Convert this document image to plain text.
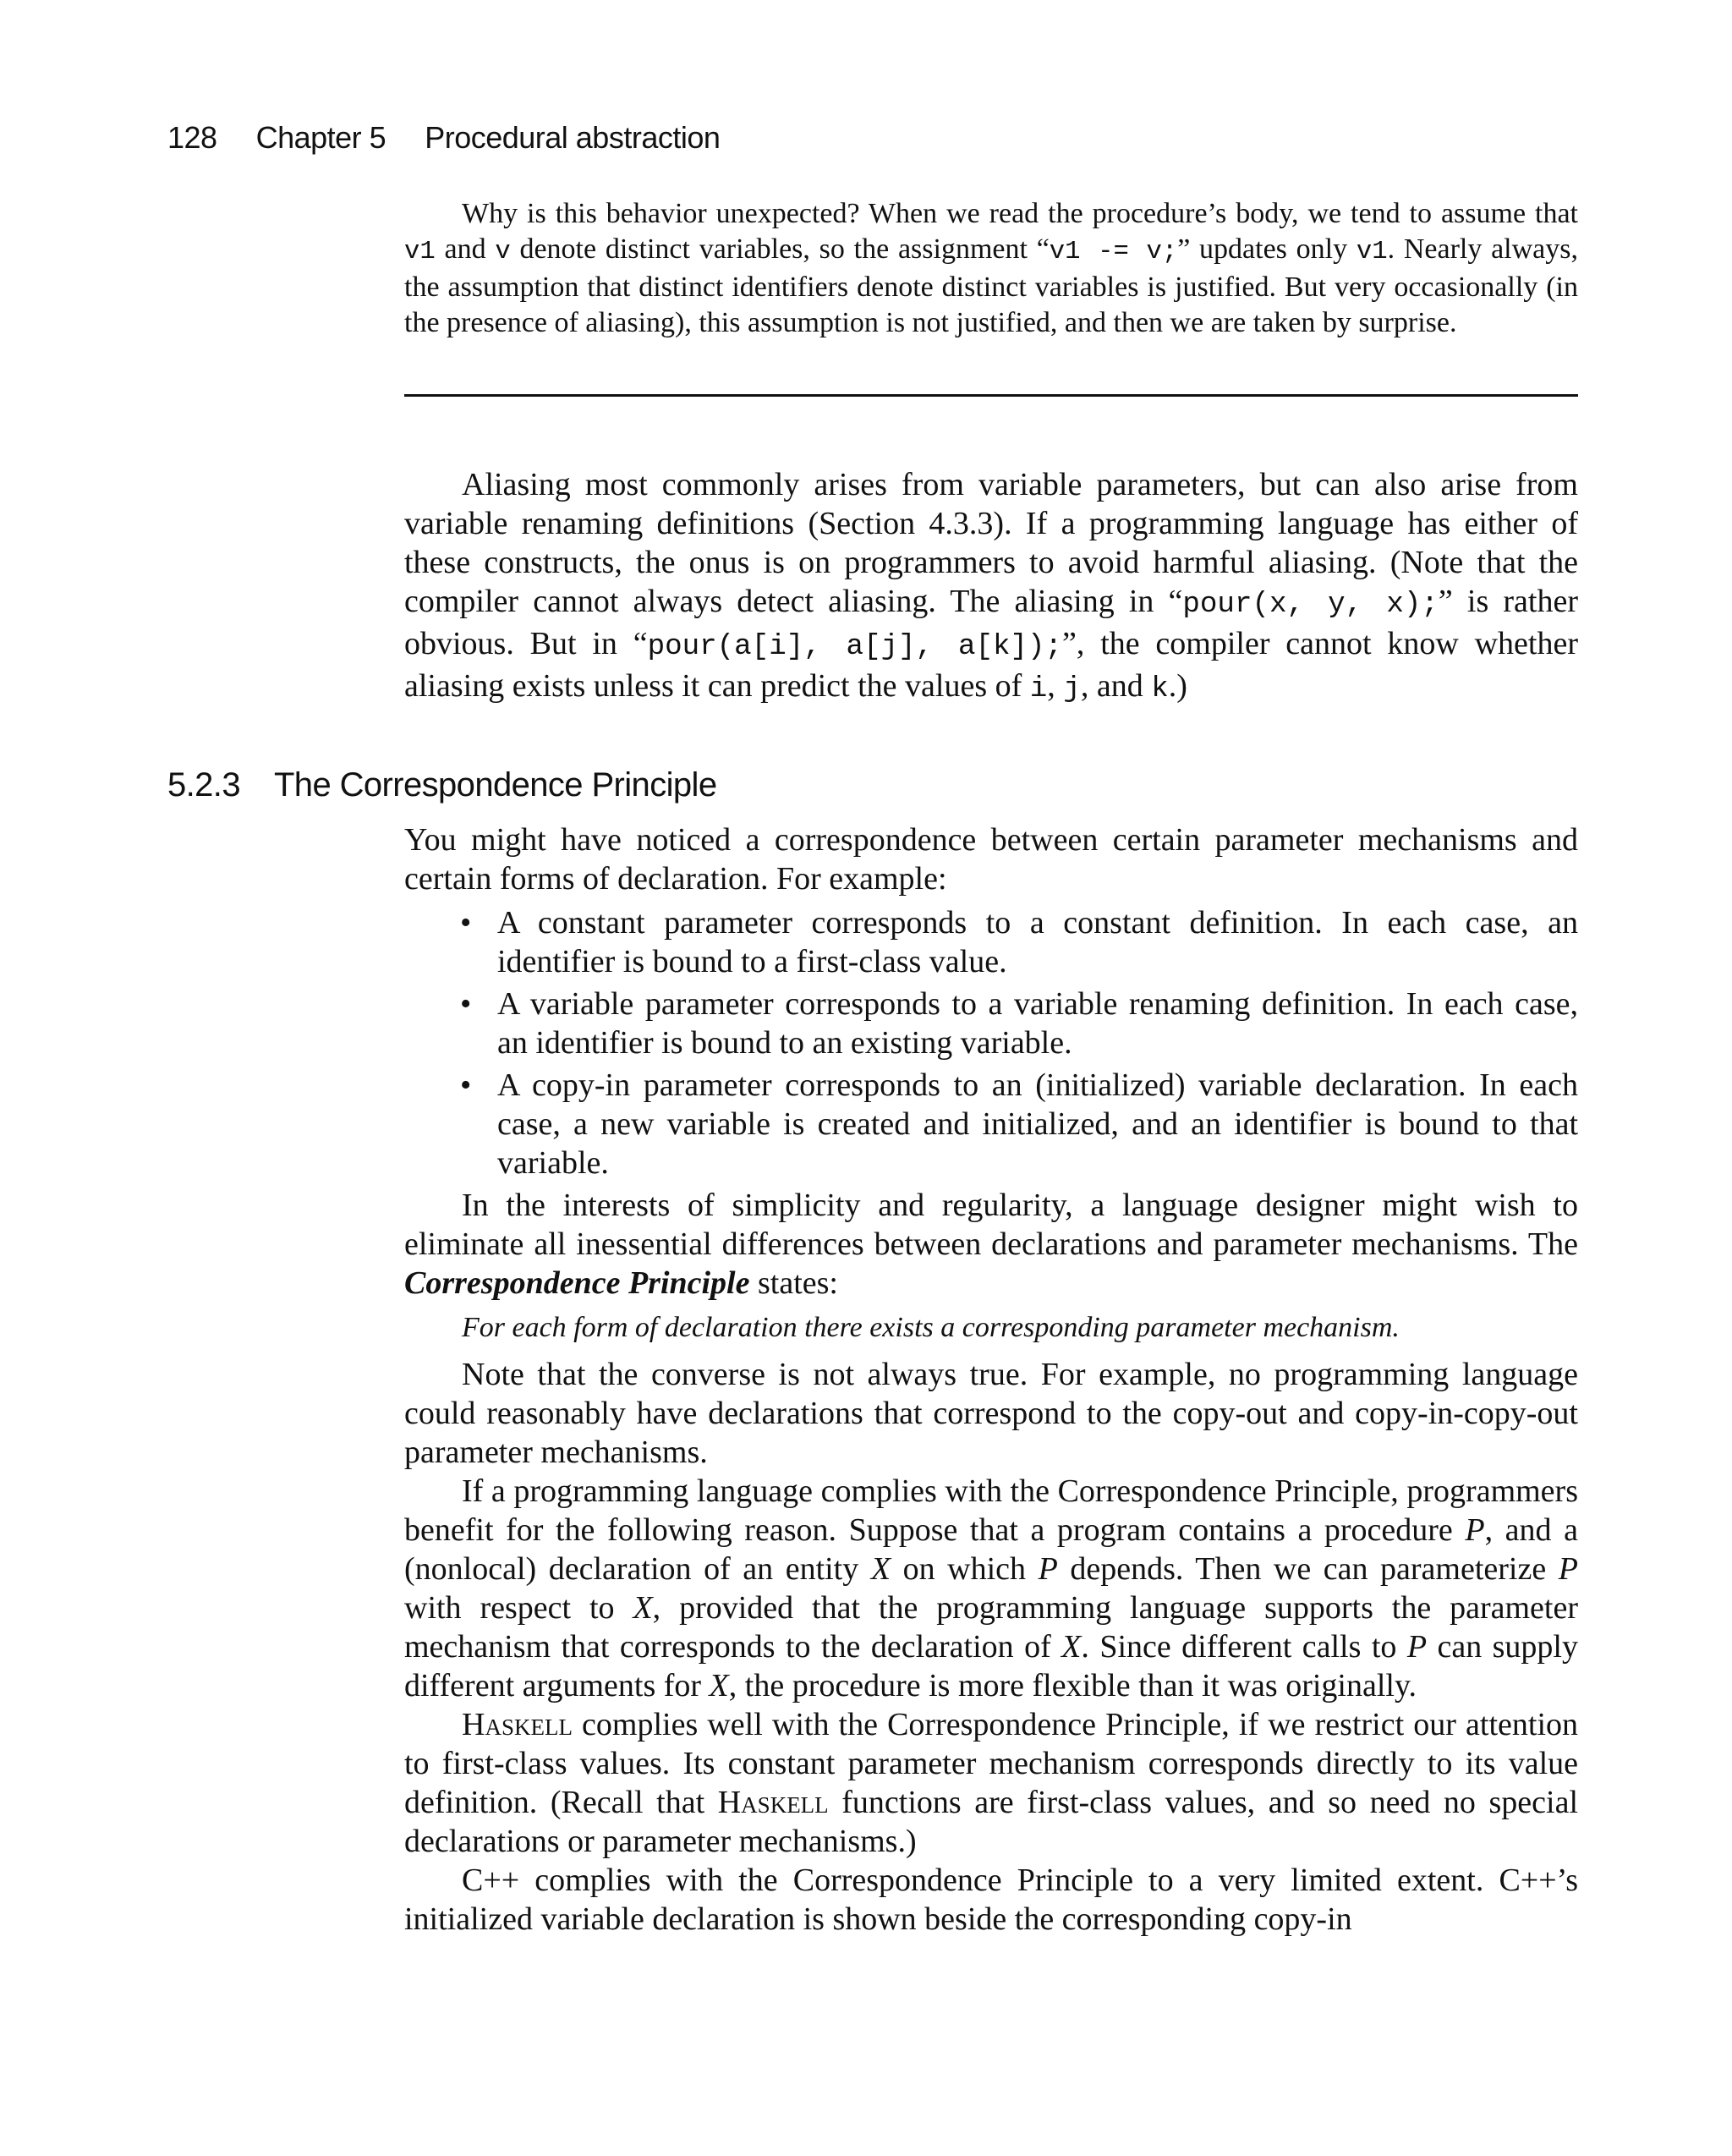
128 Chapter 5 Procedural abstraction

Why is this behavior unexpected? When we read the procedure’s body, we tend to assume that v1 and v denote distinct variables, so the assignment “v1 -= v;” updates only v1. Nearly always, the assumption that distinct identifiers denote distinct variables is justified. But very occasionally (in the presence of aliasing), this assumption is not justified, and then we are taken by surprise.

Aliasing most commonly arises from variable parameters, but can also arise from variable renaming definitions (Section 4.3.3). If a programming language has either of these constructs, the onus is on programmers to avoid harmful aliasing. (Note that the compiler cannot always detect aliasing. The aliasing in “pour(x, y, x);” is rather obvious. But in “pour(a[i], a[j], a[k]);”, the compiler cannot know whether aliasing exists unless it can predict the values of i, j, and k.)

5.2.3 The Correspondence Principle

You might have noticed a correspondence between certain parameter mechanisms and certain forms of declaration. For example:

• A constant parameter corresponds to a constant definition. In each case, an identifier is bound to a first-class value.
• A variable parameter corresponds to a variable renaming definition. In each case, an identifier is bound to an existing variable.
• A copy-in parameter corresponds to an (initialized) variable declaration. In each case, a new variable is created and initialized, and an identifier is bound to that variable.

In the interests of simplicity and regularity, a language designer might wish to eliminate all inessential differences between declarations and parameter mechanisms. The Correspondence Principle states:

For each form of declaration there exists a corresponding parameter mechanism.

Note that the converse is not always true. For example, no programming language could reasonably have declarations that correspond to the copy-out and copy-in-copy-out parameter mechanisms.

If a programming language complies with the Correspondence Principle, programmers benefit for the following reason. Suppose that a program contains a procedure P, and a (nonlocal) declaration of an entity X on which P depends. Then we can parameterize P with respect to X, provided that the programming language supports the parameter mechanism that corresponds to the declaration of X. Since different calls to P can supply different arguments for X, the procedure is more flexible than it was originally.

Haskell complies well with the Correspondence Principle, if we restrict our attention to first-class values. Its constant parameter mechanism corresponds directly to its value definition. (Recall that Haskell functions are first-class values, and so need no special declarations or parameter mechanisms.)

C++ complies with the Correspondence Principle to a very limited extent. C++’s initialized variable declaration is shown beside the corresponding copy-in
